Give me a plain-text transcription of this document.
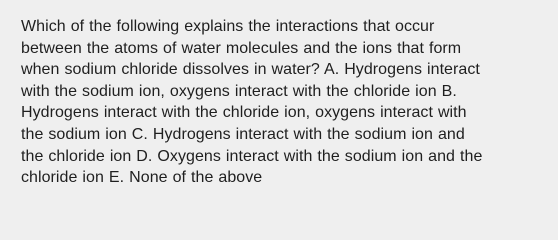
Which of the following explains the interactions that occur
between the atoms of water molecules and the ions that form
when sodium chloride dissolves in water? A. Hydrogens interact
with the sodium ion, oxygens interact with the chloride ion B.
Hydrogens interact with the chloride ion, oxygens interact with
the sodium ion C. Hydrogens interact with the sodium ion and
the chloride ion D. Oxygens interact with the sodium ion and the
chloride ion E. None of the above
